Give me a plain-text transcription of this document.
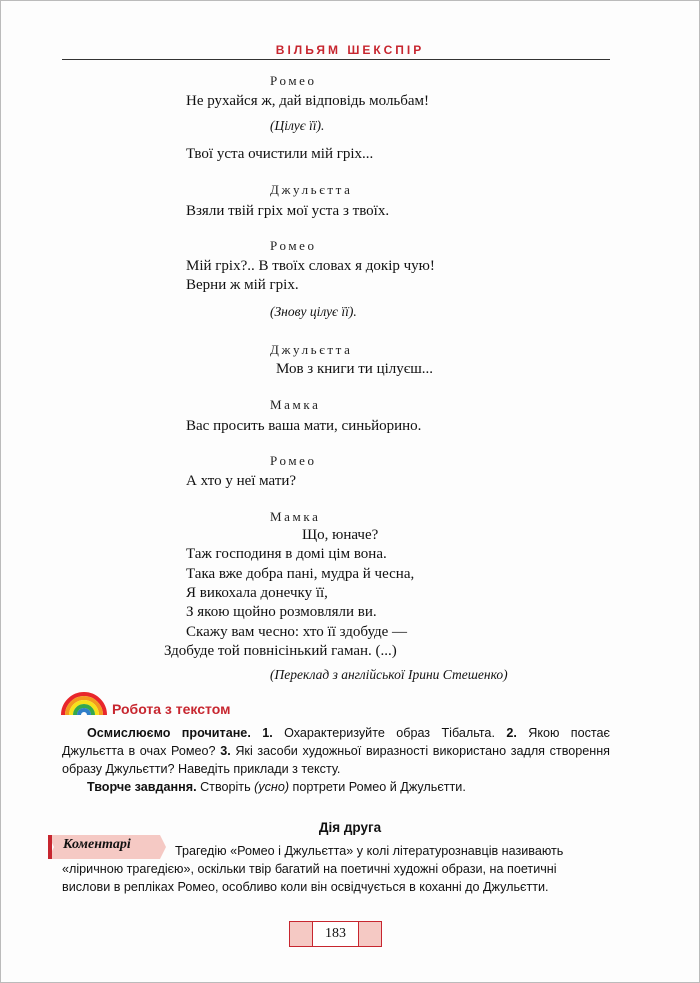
ВІЛЬЯМ ШЕКСПІР
Ромео
Не рухайся ж, дай відповідь мольбам!
(Цілує її).
Твої уста очистили мій гріх...
Джульєтта
Взяли твій гріх мої уста з твоїх.
Ромео
Мій гріх?.. В твоїх словах я докір чую!
Верни ж мій гріх.
(Знову цілує її).
Джульєтта
Мов з книги ти цілуєш...
Мамка
Вас просить ваша мати, синьйорино.
Ромео
А хто у неї мати?
Мамка
Що, юначе?
Таж господиня в домі цім вона.
Така вже добра пані, мудра й чесна,
Я викохала донечку її,
З якою щойно розмовляли ви.
Скажу вам чесно: хто її здобуде —
Здобуде той повнісінький гаман. (...)
(Переклад з англійської Ірини Стешенко)
Робота з текстом
Осмислюємо прочитане. 1. Охарактеризуйте образ Тібальта. 2. Якою постає Джульєтта в очах Ромео? 3. Які засоби художньої виразності використано задля створення образу Джульєтти? Наведіть приклади з тексту.
Творче завдання. Створіть (усно) портрети Ромео й Джульєтти.
Дія друга
Коментарі	Трагедію «Ромео і Джульєтта» у колі літературознавців називають
«ліричною трагедією», оскільки твір багатий на поетичні художні образи, на поетичні
вислови в репліках Ромео, особливо коли він освідчується в коханні до Джульєтти.
183
